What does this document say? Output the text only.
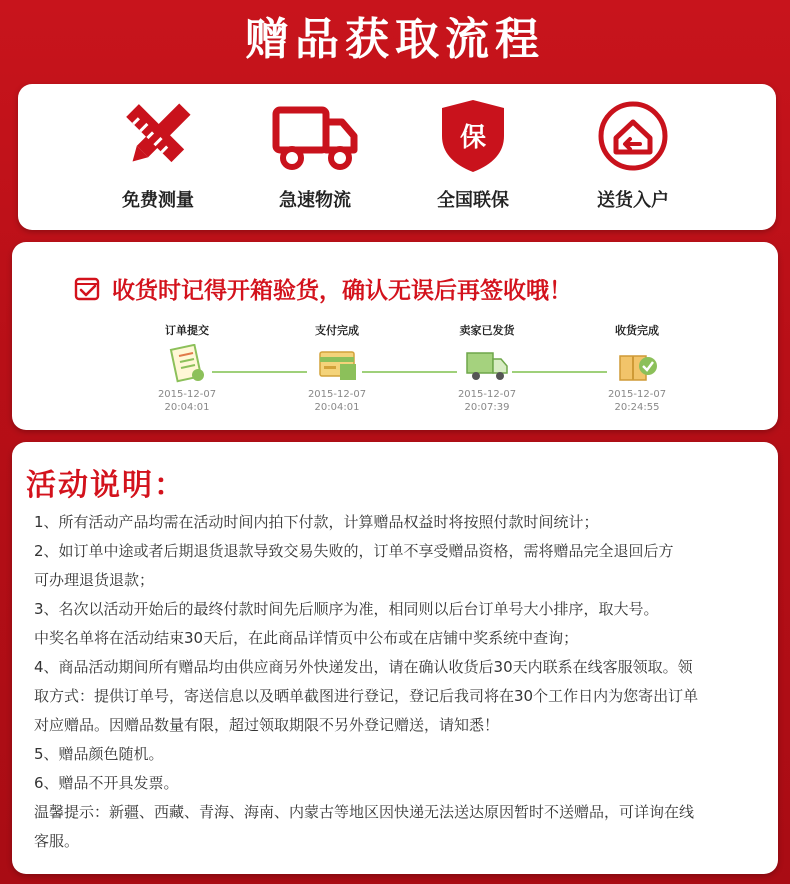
赠品获取流程
免费测量	急速物流
保
全国联保	送货入户
收货时记得开箱验货，确认无误后再签收哦！
订单提交
2015-12-07
20:04:01
支付完成
2015-12-07
20:04:01
卖家已发货
2015-12-07
20:07:39
收货完成
2015-12-07
20:24:55
活动说明：

1、所有活动产品均需在活动时间内拍下付款，计算赠品权益时将按照付款时间统计；

2、如订单中途或者后期退货退款导致交易失败的，订单不享受赠品资格，需将赠品完全退回后方

可办理退货退款；

3、名次以活动开始后的最终付款时间先后顺序为准，相同则以后台订单号大小排序，取大号。

中奖名单将在活动结束30天后，在此商品详情页中公布或在店铺中奖系统中查询；

4、商品活动期间所有赠品均由供应商另外快递发出，请在确认收货后30天内联系在线客服领取。领

取方式：提供订单号，寄送信息以及晒单截图进行登记，登记后我司将在30个工作日内为您寄出订单

对应赠品。因赠品数量有限，超过领取期限不另外登记赠送，请知悉！

5、赠品颜色随机。

6、赠品不开具发票。

温馨提示：新疆、西藏、青海、海南、内蒙古等地区因快递无法送达原因暂时不送赠品，可详询在线

客服。
